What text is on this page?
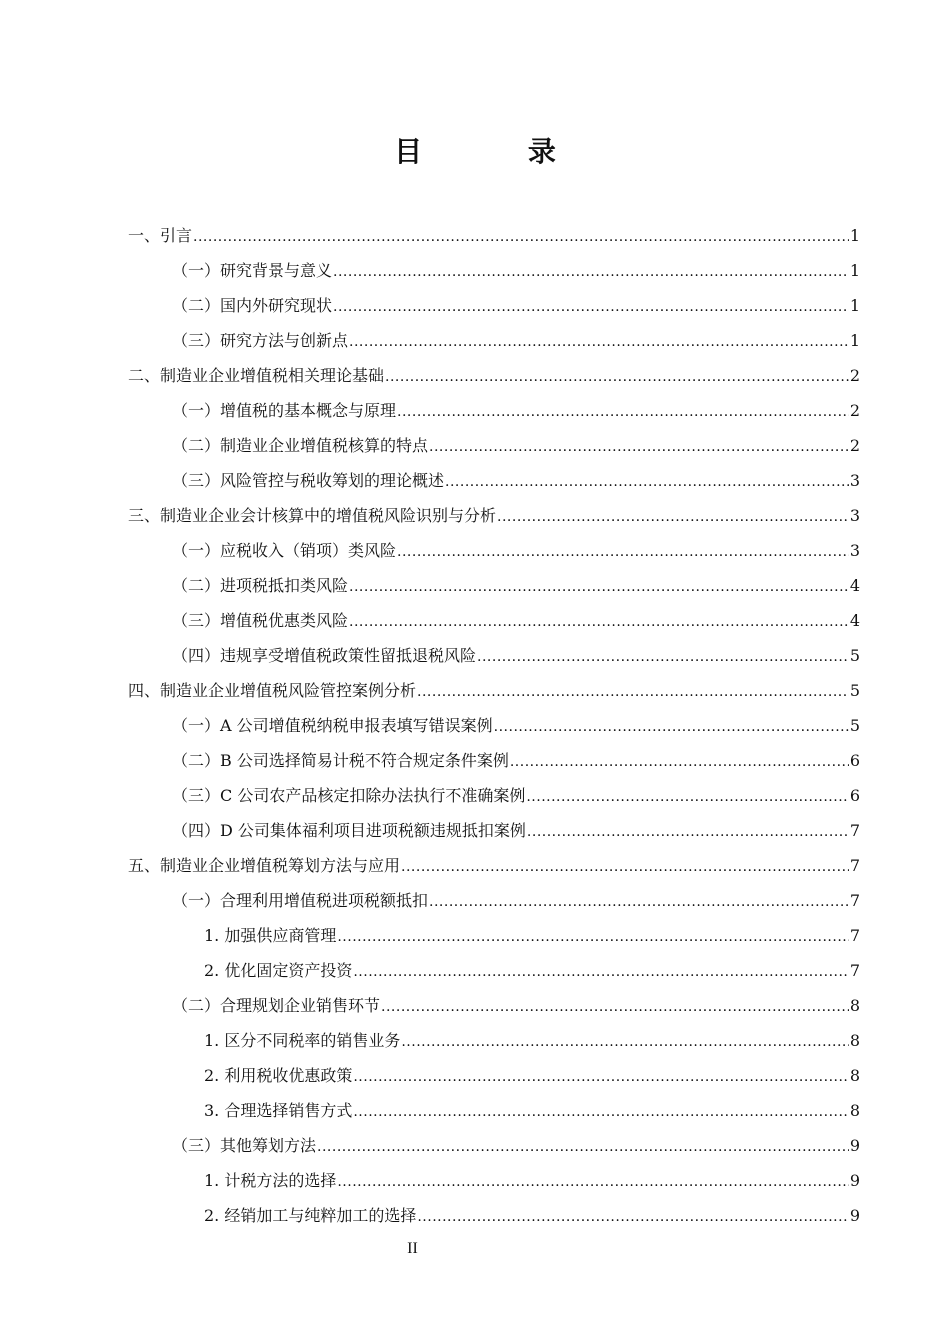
目 录
一、引言 .....	1
（一）研究背景与意义 .....	1
（二）国内外研究现状 .....	1
（三）研究方法与创新点 .....	1
二、制造业企业增值税相关理论基础 .....	2
（一）增值税的基本概念与原理 .....	2
（二）制造业企业增值税核算的特点 .....	2
（三）风险管控与税收筹划的理论概述 .....	3
三、制造业企业会计核算中的增值税风险识别与分析 .....	3
（一）应税收入（销项）类风险 .....	3
（二）进项税抵扣类风险 .....	4
（三）增值税优惠类风险 .....	4
（四）违规享受增值税政策性留抵退税风险 .....	5
四、制造业企业增值税风险管控案例分析 .....	5
（一）A 公司增值税纳税申报表填写错误案例 .....	5
（二）B 公司选择简易计税不符合规定条件案例 .....	6
（三）C 公司农产品核定扣除办法执行不准确案例 .....	6
（四）D 公司集体福利项目进项税额违规抵扣案例 .....	7
五、制造业企业增值税筹划方法与应用 .....	7
（一）合理利用增值税进项税额抵扣 .....	7
1. 加强供应商管理 .....	7
2. 优化固定资产投资 .....	7
（二）合理规划企业销售环节 .....	8
1. 区分不同税率的销售业务 .....	8
2. 利用税收优惠政策 .....	8
3. 合理选择销售方式 .....	8
（三）其他筹划方法 .....	9
1. 计税方法的选择 .....	9
2. 经销加工与纯粹加工的选择 .....	9
II
